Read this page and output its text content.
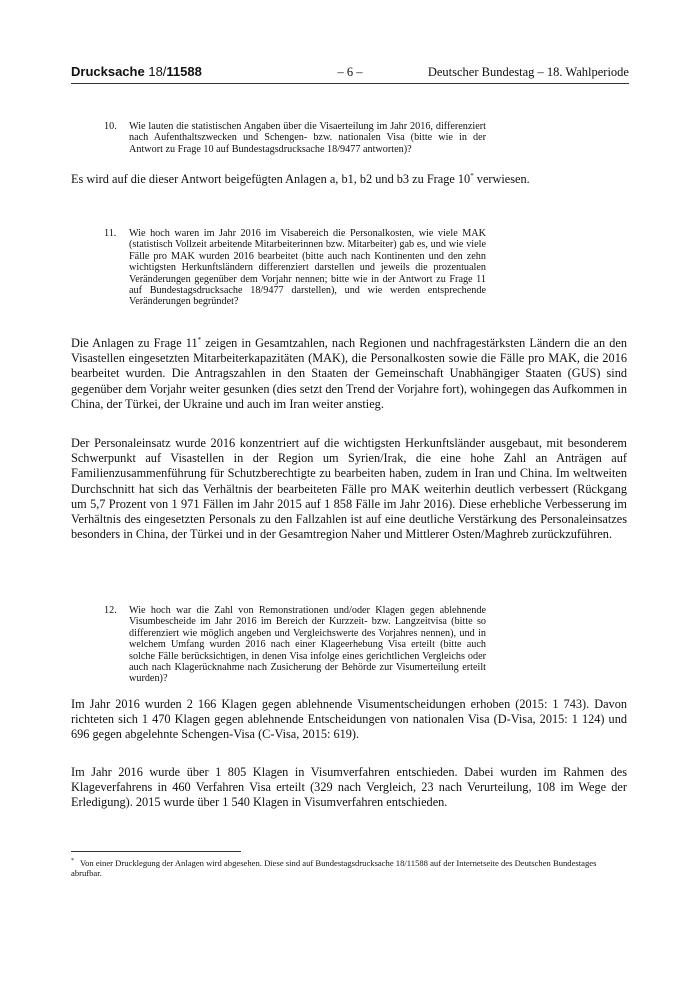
Drucksache 18/11588	– 6 –	Deutscher Bundestag – 18. Wahlperiode
10. Wie lauten die statistischen Angaben über die Visaerteilung im Jahr 2016, differenziert nach Aufenthaltszwecken und Schengen- bzw. nationalen Visa (bitte wie in der Antwort zu Frage 10 auf Bundestagsdrucksache 18/9477 antworten)?
Es wird auf die dieser Antwort beigefügten Anlagen a, b1, b2 und b3 zu Frage 10* verwiesen.
11. Wie hoch waren im Jahr 2016 im Visabereich die Personalkosten, wie viele MAK (statistisch Vollzeit arbeitende Mitarbeiterinnen bzw. Mitarbeiter) gab es, und wie viele Fälle pro MAK wurden 2016 bearbeitet (bitte auch nach Kontinenten und den zehn wichtigsten Herkunftsländern differenziert darstellen und jeweils die prozentualen Veränderungen gegenüber dem Vorjahr nennen; bitte wie in der Antwort zu Frage 11 auf Bundestagsdrucksache 18/9477 darstellen), und wie werden entsprechende Veränderungen begründet?
Die Anlagen zu Frage 11* zeigen in Gesamtzahlen, nach Regionen und nachfragestärksten Ländern die an den Visastellen eingesetzten Mitarbeiterkapazitäten (MAK), die Personalkosten sowie die Fälle pro MAK, die 2016 bearbeitet wurden. Die Antragszahlen in den Staaten der Gemeinschaft Unabhängiger Staaten (GUS) sind gegenüber dem Vorjahr weiter gesunken (dies setzt den Trend der Vorjahre fort), wohingegen das Aufkommen in China, der Türkei, der Ukraine und auch im Iran weiter anstieg.
Der Personaleinsatz wurde 2016 konzentriert auf die wichtigsten Herkunftsländer ausgebaut, mit besonderem Schwerpunkt auf Visastellen in der Region um Syrien/Irak, die eine hohe Zahl an Anträgen auf Familienzusammenführung für Schutzberechtigte zu bearbeiten haben, zudem in Iran und China. Im weltweiten Durchschnitt hat sich das Verhältnis der bearbeiteten Fälle pro MAK weiterhin deutlich verbessert (Rückgang um 5,7 Prozent von 1 971 Fällen im Jahr 2015 auf 1 858 Fälle im Jahr 2016). Diese erhebliche Verbesserung im Verhältnis des eingesetzten Personals zu den Fallzahlen ist auf eine deutliche Verstärkung des Personaleinsatzes besonders in China, der Türkei und in der Gesamtregion Naher und Mittlerer Osten/Maghreb zurückzuführen.
12. Wie hoch war die Zahl von Remonstrationen und/oder Klagen gegen ablehnende Visumbescheide im Jahr 2016 im Bereich der Kurzzeit- bzw. Langzeitvisa (bitte so differenziert wie möglich angeben und Vergleichswerte des Vorjahres nennen), und in welchem Umfang wurden 2016 nach einer Klageerhebung Visa erteilt (bitte auch solche Fälle berücksichtigen, in denen Visa infolge eines gerichtlichen Vergleichs oder auch nach Klagerücknahme nach Zusicherung der Behörde zur Visumerteilung erteilt wurden)?
Im Jahr 2016 wurden 2 166 Klagen gegen ablehnende Visumentscheidungen erhoben (2015: 1 743). Davon richteten sich 1 470 Klagen gegen ablehnende Entscheidungen von nationalen Visa (D-Visa, 2015: 1 124) und 696 gegen abgelehnte Schengen-Visa (C-Visa, 2015: 619).
Im Jahr 2016 wurde über 1 805 Klagen in Visumverfahren entschieden. Dabei wurden im Rahmen des Klageverfahrens in 460 Verfahren Visa erteilt (329 nach Vergleich, 23 nach Verurteilung, 108 im Wege der Erledigung). 2015 wurde über 1 540 Klagen in Visumverfahren entschieden.
* Von einer Drucklegung der Anlagen wird abgesehen. Diese sind auf Bundestagsdrucksache 18/11588 auf der Internetseite des Deutschen Bundestages abrufbar.
